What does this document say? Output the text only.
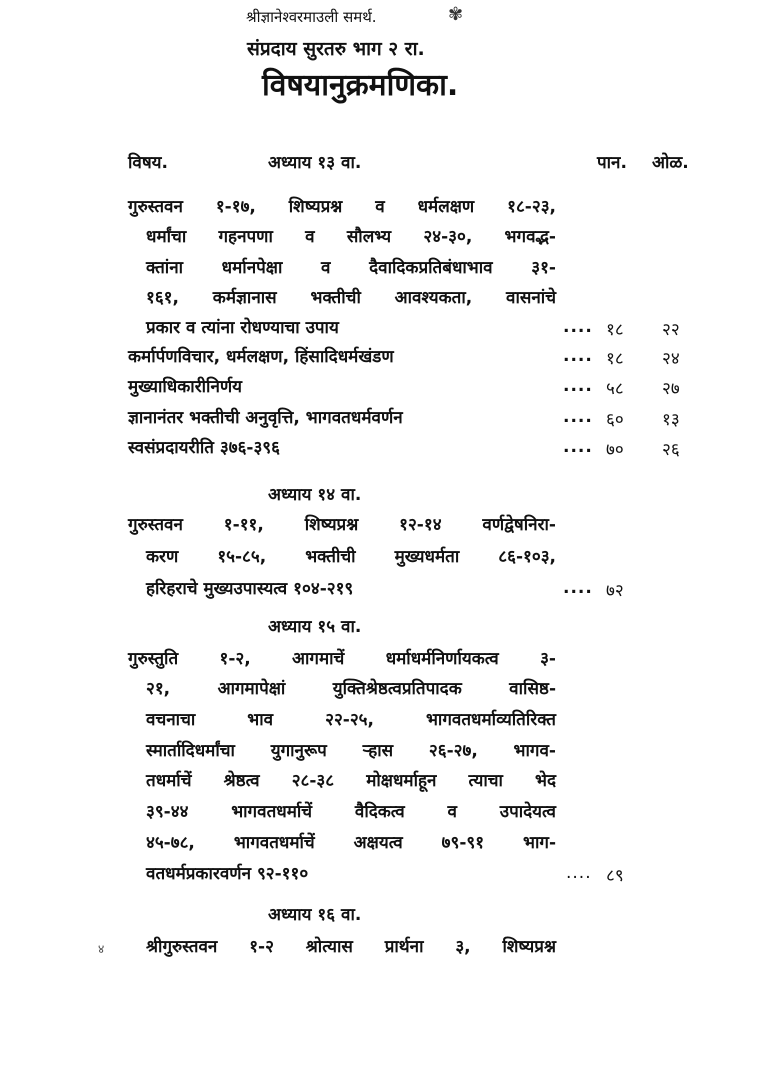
श्रीज्ञानेश्वरमाउली समर्थ.	✾
संप्रदाय सुरतरु भाग २ रा.
विषयानुक्रमणिका.
विषय.	अध्याय १३ वा.	पान. ओळ.
गुरुस्तवन १-१७, शिष्यप्रश्न व धर्मलक्षण १८-२३,
धर्मांचा गहनपणा व सौलभ्य २४-३०, भगवद्भ-
क्तांना धर्मानपेक्षा व दैवादिकप्रतिबंधाभाव ३१-
१६१, कर्मज्ञानास भक्तीची आवश्यकता, वासनांचे
प्रकार व त्यांना रोधण्याचा उपाय	.... १८ २२
कर्मार्पणविचार, धर्मलक्षण, हिंसादिधर्मखंडण	.... १८ २४
मुख्याधिकारीनिर्णय	.... ५८ २७
ज्ञानानंतर भक्तीची अनुवृत्ति, भागवतधर्मवर्णन	.... ६० १३
स्वसंप्रदायरीति ३७६-३९६	.... ७० २६
अध्याय १४ वा.
गुरुस्तवन १-११, शिष्यप्रश्न १२-१४ वर्णद्वेषनिरा-
करण १५-८५, भक्तीची मुख्यधर्मता ८६-१०३,
हरिहराचे मुख्यउपास्यत्व १०४-२१९	.... ७२
अध्याय १५ वा.
गुरुस्तुति १-२, आगमाचें धर्माधर्मनिर्णायकत्व ३-
२१, आगमापेक्षां युक्तिश्रेष्ठत्वप्रतिपादक वासिष्ठ-
वचनाचा भाव २२-२५, भागवतधर्माव्यतिरिक्त
स्मार्तादिधर्मांचा युगानुरूप ऱ्हास २६-२७, भागव-
तधर्माचें श्रेष्ठत्व २८-३८ मोक्षधर्माहून त्याचा भेद
३९-४४ भागवतधर्माचें वैदिकत्व व उपादेयत्व
४५-७८, भागवतधर्माचें अक्षयत्व ७९-९१ भाग-
वतधर्मप्रकारवर्णन ९२-११०	.... ८९
अध्याय १६ वा.
४ श्रीगुरुस्तवन १-२ श्रोत्यास प्रार्थना ३, शिष्यप्रश्न
